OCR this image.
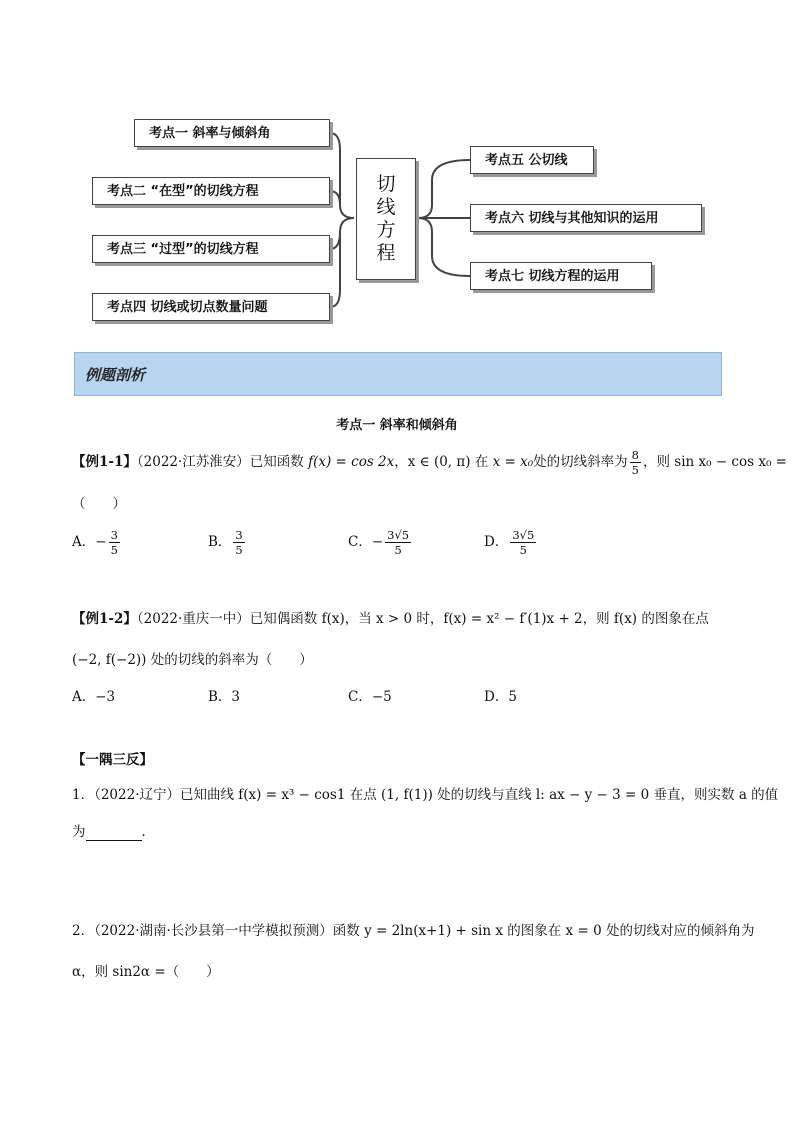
考点一 斜率与倾斜角
考点二 “在型”的切线方程
考点三 “过型”的切线方程
考点四 切线或切点数量问题
切
线
方
程
考点五 公切线
考点六 切线与其他知识的运用
考点七 切线方程的运用
例题剖析
考点一 斜率和倾斜角
【例1-1】（2022·江苏淮安）已知函数 f(x) = cos 2x，x ∈ (0, π) 在 x = x₀处的切线斜率为 $\frac{8}{5}$ ，则 sin x₀ − cos x₀ =
（　　）
A．− $\frac{3}{5}$	B． $\frac{3}{5}$	C．− $\frac{3√5}{5}$	D． $\frac{3√5}{5}$
【例1-2】（2022·重庆一中）已知偶函数 f(x)，当 x > 0 时，f(x) = x² − f′(1)x + 2，则 f(x) 的图象在点
(−2, f(−2)) 处的切线的斜率为（　　）
A．−3	B．3	C．−5	D．5
【一隅三反】
1．（2022·辽宁）已知曲线 f(x) = x³ − cos1 在点 (1, f(1)) 处的切线与直线 l: ax − y − 3 = 0 垂直，则实数 a 的值
为	．
2．（2022·湖南·长沙县第一中学模拟预测）函数 y = 2ln(x+1) + sin x 的图象在 x = 0 处的切线对应的倾斜角为
α，则 sin2α =（　　）
